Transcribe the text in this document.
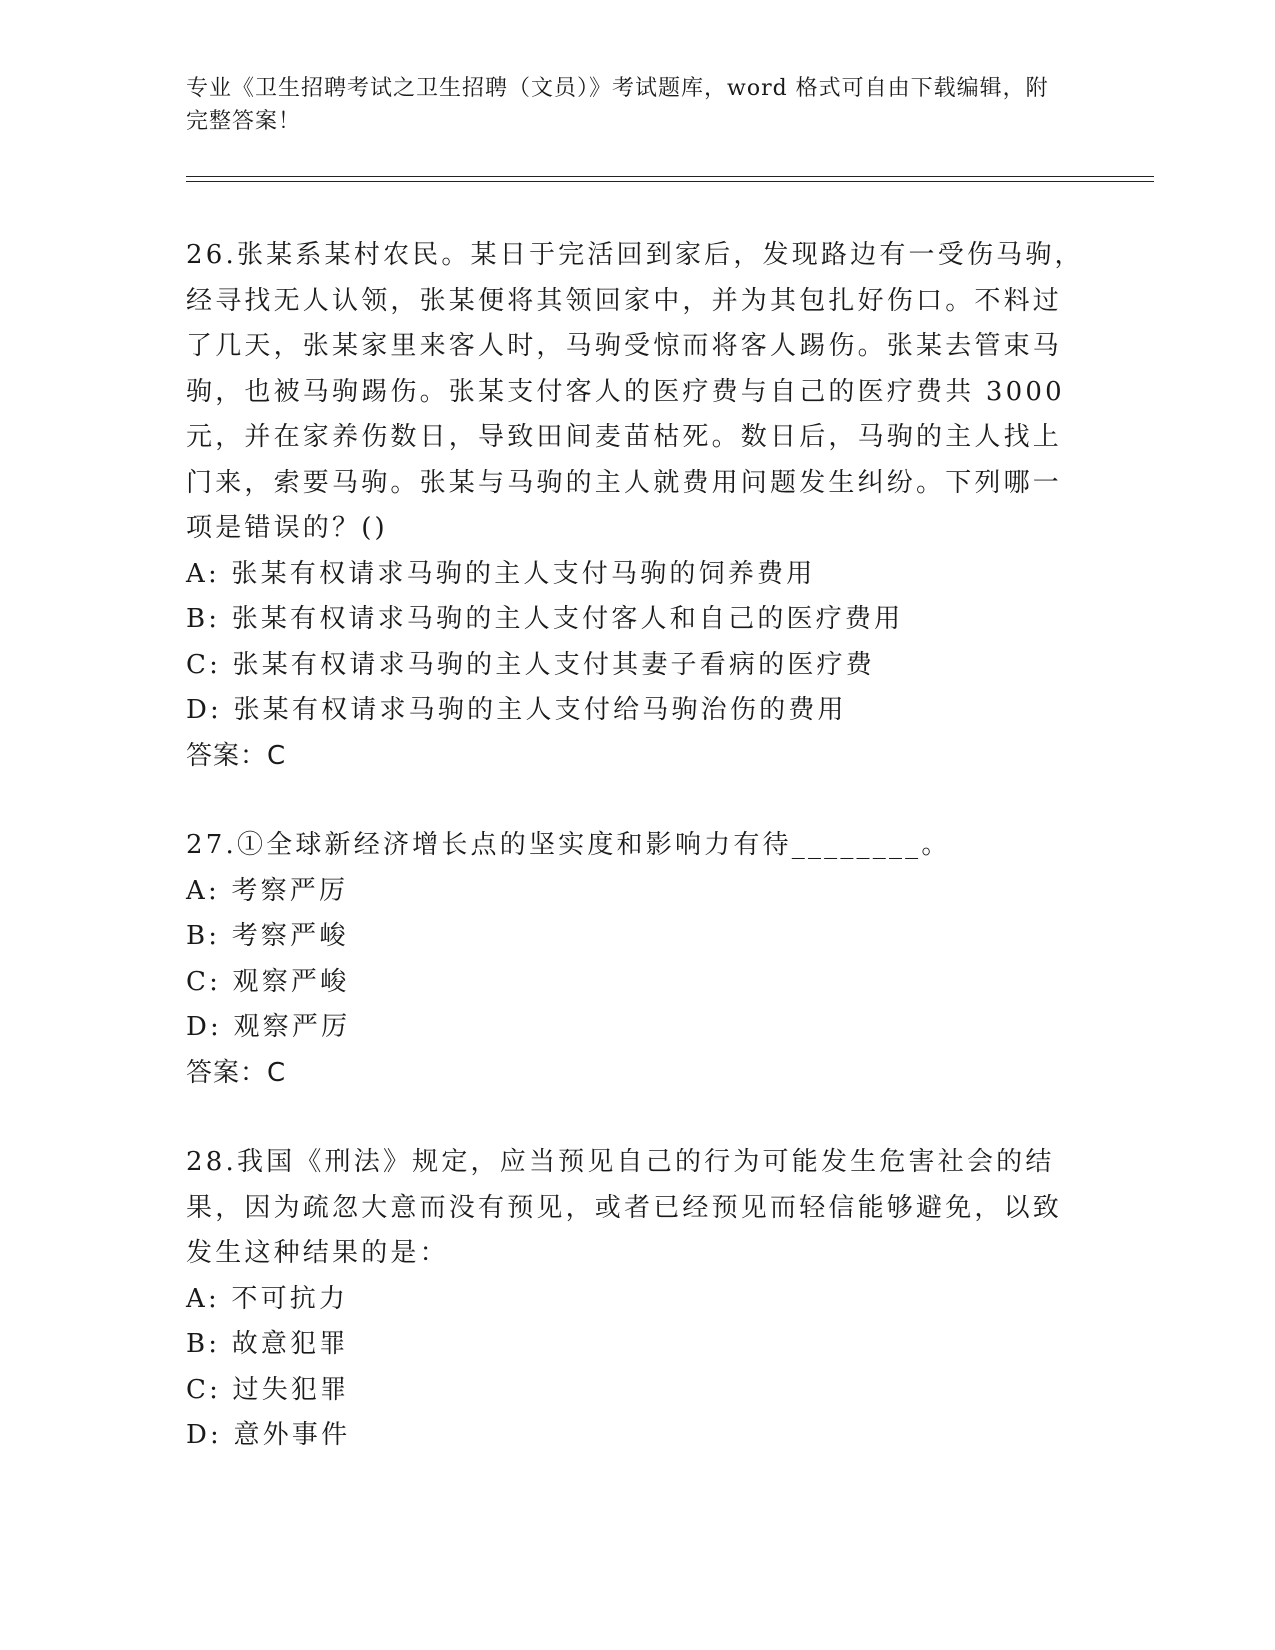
专业《卫生招聘考试之卫生招聘（文员）》考试题库，word 格式可自由下载编辑，附完整答案！

26.张某系某村农民。某日于完活回到家后，发现路边有一受伤马驹，经寻找无人认领，张某便将其领回家中，并为其包扎好伤口。不料过了几天，张某家里来客人时，马驹受惊而将客人踢伤。张某去管束马驹，也被马驹踢伤。张某支付客人的医疗费与自己的医疗费共 3000 元，并在家养伤数日，导致田间麦苗枯死。数日后，马驹的主人找上门来，索要马驹。张某与马驹的主人就费用问题发生纠纷。下列哪一项是错误的？()

A: 张某有权请求马驹的主人支付马驹的饲养费用

B: 张某有权请求马驹的主人支付客人和自己的医疗费用

C: 张某有权请求马驹的主人支付其妻子看病的医疗费

D: 张某有权请求马驹的主人支付给马驹治伤的费用

答案：C

27.①全球新经济增长点的坚实度和影响力有待________。

A: 考察严厉

B: 考察严峻

C: 观察严峻

D: 观察严厉

答案：C

28.我国《刑法》规定，应当预见自己的行为可能发生危害社会的结果，因为疏忽大意而没有预见，或者已经预见而轻信能够避免，以致发生这种结果的是：

A: 不可抗力

B: 故意犯罪

C: 过失犯罪

D: 意外事件
